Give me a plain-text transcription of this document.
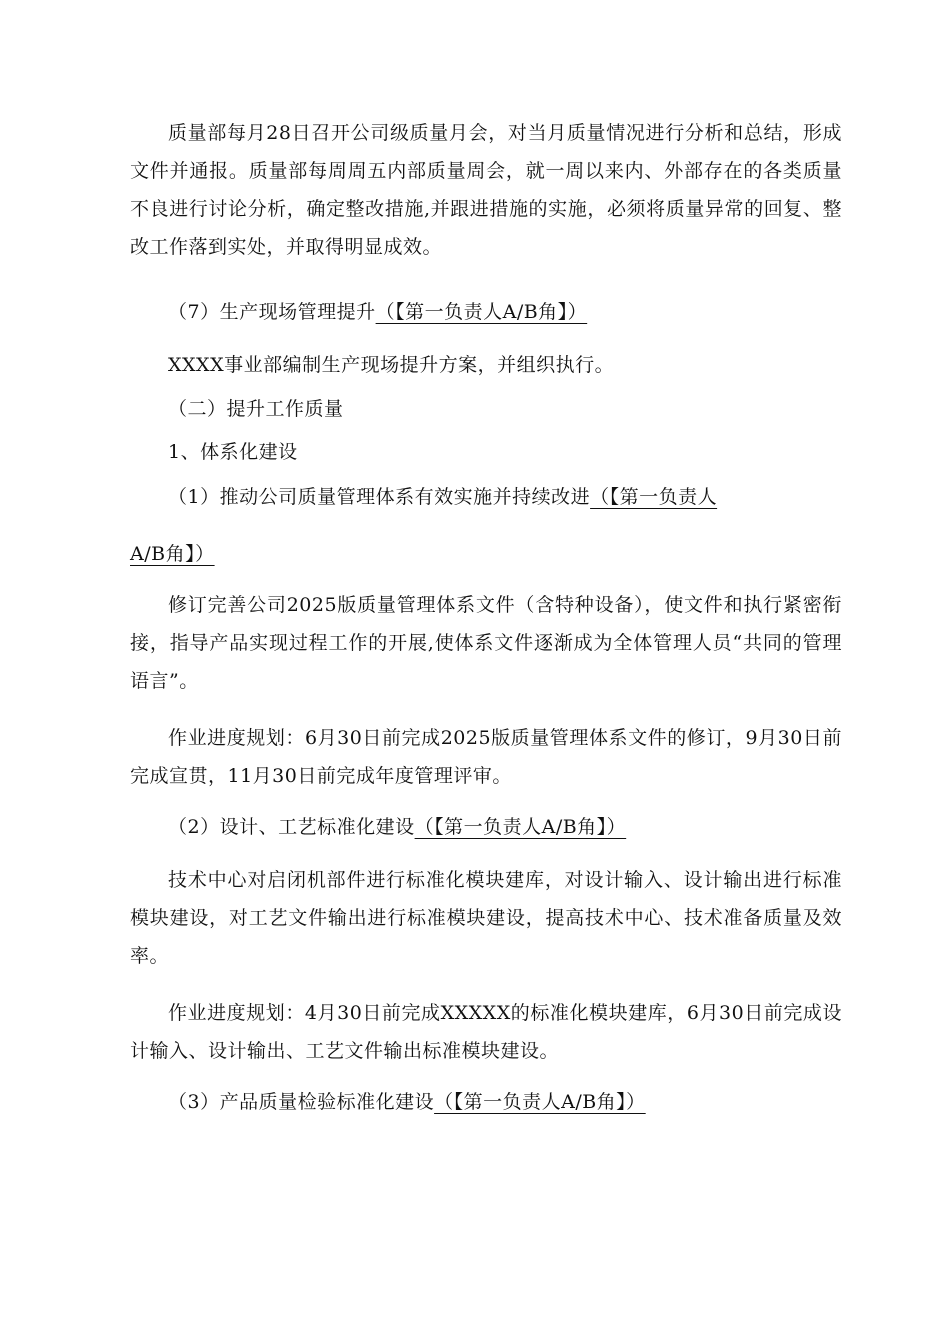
质量部每月28日召开公司级质量月会，对当月质量情况进行分析和总结，形成文件并通报。质量部每周周五内部质量周会，就一周以来内、外部存在的各类质量不良进行讨论分析，确定整改措施,并跟进措施的实施，必须将质量异常的回复、整改工作落到实处，并取得明显成效。
（7）生产现场管理提升（【第一负责人A/B角】）
XXXX事业部编制生产现场提升方案，并组织执行。
（二）提升工作质量
1、体系化建设
（1）推动公司质量管理体系有效实施并持续改进（【第一负责人
A/B角】）
修订完善公司2025版质量管理体系文件（含特种设备），使文件和执行紧密衔接，指导产品实现过程工作的开展,使体系文件逐渐成为全体管理人员“共同的管理语言”。
作业进度规划：6月30日前完成2025版质量管理体系文件的修订，9月30日前完成宣贯，11月30日前完成年度管理评审。
（2）设计、工艺标准化建设（【第一负责人A/B角】）
技术中心对启闭机部件进行标准化模块建库，对设计输入、设计输出进行标准模块建设，对工艺文件输出进行标准模块建设，提高技术中心、技术准备质量及效率。
作业进度规划：4月30日前完成XXXXX的标准化模块建库，6月30日前完成设计输入、设计输出、工艺文件输出标准模块建设。
（3）产品质量检验标准化建设（【第一负责人A/B角】）
